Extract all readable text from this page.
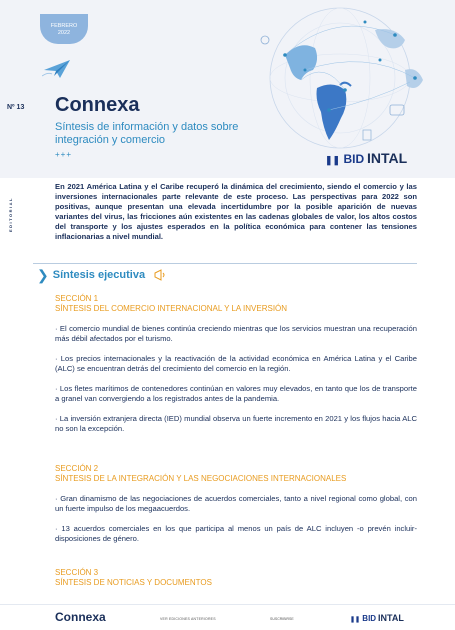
FEBRERO
2022
Nº 13 Connexa
Síntesis de información y datos sobre integración y comercio
+++
❚❚ BID INTAL
EDITORIAL
En 2021 América Latina y el Caribe recuperó la dinámica del crecimiento, siendo el comercio y las inversiones internacionales parte relevante de este proceso. Las perspectivas para 2022 son positivas, aunque presentan una elevada incertidumbre por la posible aparición de nuevas variantes del virus, las fricciones aún existentes en las cadenas globales de valor, los altos costos del transporte y los ajustes esperados en la política económica para contener las tensiones inflacionarias a nivel mundial.
❯ Síntesis ejecutiva
SECCIÓN 1
SÍNTESIS DEL COMERCIO INTERNACIONAL Y LA INVERSIÓN
· El comercio mundial de bienes continúa creciendo mientras que los servicios muestran una recuperación más débil afectados por el turismo.
· Los precios internacionales y la reactivación de la actividad económica en América Latina y el Caribe (ALC) se encuentran detrás del crecimiento del comercio en la región.
· Los fletes marítimos de contenedores continúan en valores muy elevados, en tanto que los de transporte a granel van convergiendo a los registrados antes de la pandemia.
· La inversión extranjera directa (IED) mundial observa un fuerte incremento en 2021 y los flujos hacia ALC no son la excepción.
SECCIÓN 2
SÍNTESIS DE LA INTEGRACIÓN Y LAS NEGOCIACIONES INTERNACIONALES
· Gran dinamismo de las negociaciones de acuerdos comerciales, tanto a nivel regional como global, con un fuerte impulso de los megaacuerdos.
· 13 acuerdos comerciales en los que participa al menos un país de ALC incluyen -o prevén incluir- disposiciones de género.
SECCIÓN 3
SÍNTESIS DE NOTICIAS Y DOCUMENTOS
Connexa	VER EDICIONES ANTERIORES	SUSCRIBIRSE	❚❚ BID INTAL
